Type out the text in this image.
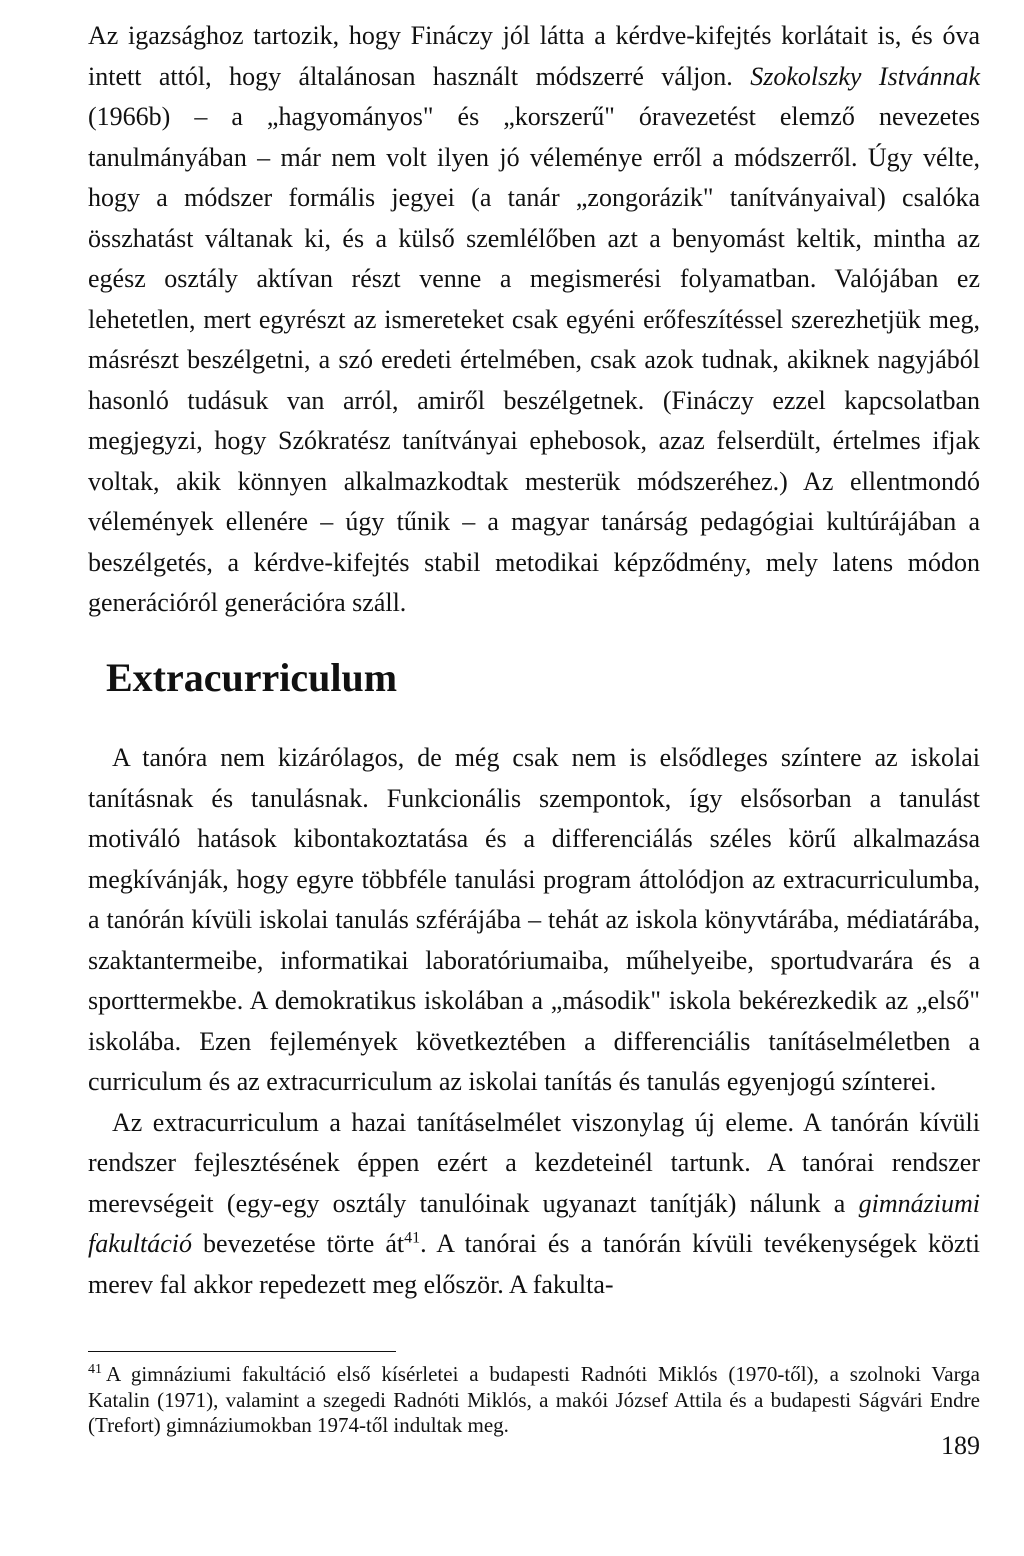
Az igazsághoz tartozik, hogy Fináczy jól látta a kérdve-kifejtés korlátait is, és óva intett attól, hogy általánosan használt módszerré váljon. Szokolszky Istvánnak (1966b) – a „hagyományos" és „korszerű" óravezetést elemző nevezetes tanulmányában – már nem volt ilyen jó véleménye erről a módszerről. Úgy vélte, hogy a módszer formális jegyei (a tanár „zongorázik" tanítványaival) csalóka összhatást váltanak ki, és a külső szemlélőben azt a benyomást keltik, mintha az egész osztály aktívan részt venne a megismerési folyamatban. Valójában ez lehetetlen, mert egyrészt az ismereteket csak egyéni erőfeszítéssel szerezhetjük meg, másrészt beszélgetni, a szó eredeti értelmében, csak azok tudnak, akiknek nagyjából hasonló tudásuk van arról, amiről beszélgetnek. (Fináczy ezzel kapcsolatban megjegyzi, hogy Szókratész tanítványai ephebosok, azaz felserdült, értelmes ifjak voltak, akik könnyen alkalmazkodtak mesterük módszeréhez.) Az ellentmondó vélemények ellenére – úgy tűnik – a magyar tanárság pedagógiai kultúrájában a beszélgetés, a kérdve-kifejtés stabil metodikai képződmény, mely latens módon generációról generációra száll.

Extracurriculum

A tanóra nem kizárólagos, de még csak nem is elsődleges színtere az iskolai tanításnak és tanulásnak. Funkcionális szempontok, így elsősorban a tanulást motiváló hatások kibontakoztatása és a differenciálás széles körű alkalmazása megkívánják, hogy egyre többféle tanulási program áttolódjon az extracurriculumba, a tanórán kívüli iskolai tanulás szférájába – tehát az iskola könyvtárába, médiatárába, szaktantermeibe, informatikai laboratóriumaiba, műhelyeibe, sportudvarára és a sporttermekbe. A demokratikus iskolában a „második" iskola bekérezkedik az „első" iskolába. Ezen fejlemények következtében a differenciális tanításelméletben a curriculum és az extracurriculum az iskolai tanítás és tanulás egyenjogú színterei.

Az extracurriculum a hazai tanításelmélet viszonylag új eleme. A tanórán kívüli rendszer fejlesztésének éppen ezért a kezdeteinél tartunk. A tanórai rendszer merevségeit (egy-egy osztály tanulóinak ugyanazt tanítják) nálunk a gimnáziumi fakultáció bevezetése törte $át^{41}$. A tanórai és a tanórán kívüli tevékenységek közti merev fal akkor repedezett meg először. A fakulta-

$^{41}$ A gimnáziumi fakultáció első kísérletei a budapesti Radnóti Miklós (1970-től), a szolnoki Varga Katalin (1971), valamint a szegedi Radnóti Miklós, a makói József Attila és a budapesti Ságvári Endre (Trefort) gimnáziumokban 1974-től indultak meg.

189
